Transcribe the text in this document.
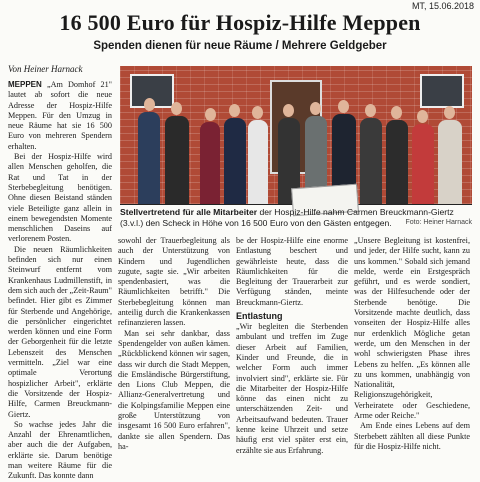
MT, 15.06.2018
16 500 Euro für Hospiz-Hilfe Meppen
Spenden dienen für neue Räume / Mehrere Geldgeber
Von Heiner Harnack
Stellvertretend für alle Mitarbeiter der Hospiz-Hilfe nahm Carmen Breuckmann-Giertz (3.v.l.) den Scheck in Höhe von 16 500 Euro von den Gästen entgegen.	Foto: Heiner Harnack

MEPPEN „Am Domhof 21" lautet ab sofort die neue Adresse der Hospiz-Hilfe Meppen. Für den Umzug in neue Räume hat sie 16 500 Euro von mehreren Spendern erhalten.

Bei der Hospiz-Hilfe wird allen Menschen geholfen, die Rat und Tat in der Sterbebegleitung benötigen. Ohne diesen Beistand ständen viele Beteiligte ganz allein in einem bewegendsten Momente menschlichen Daseins auf verlorenem Posten.

Die neuen Räumlichkeiten befinden sich nur einen Steinwurf entfernt vom Krankenhaus Ludmillenstift, in dem sich auch der „Zeit-Raum" befindet. Hier gibt es Zimmer für Sterbende und Angehörige, die persönlicher eingerichtet werden können und eine Form der Geborgenheit für die letzte Lebenszeit des Menschen vermitteln. „Ziel war eine optimale Verortung hospizlicher Arbeit", erklärte die Vorsitzende der Hospiz-Hilfe, Carmen Breuckmann-Giertz.

So wachse jedes Jahr die Anzahl der Ehrenamtlichen, aber auch die der Aufgaben, erklärte sie. Darum benötige man weitere Räume für die Zukunft. Das konnte dann

sowohl der Trauerbegleitung als auch der Unterstützung von Kindern und Jugendlichen zugute, sagte sie. „Wir arbeiten spendenbasiert, was die Räumlichkeiten betrifft." Die Sterbebegleitung können man anteilig durch die Krankenkassen refinanzieren lassen.

Man sei sehr dankbar, dass Spendengelder von außen kämen. „Rückblickend können wir sagen, dass wir durch die Stadt Meppen, die Emsländische Bürgerstiftung, den Lions Club Meppen, die Allianz-Generalvertretung und die Kolpingsfamilie Meppen eine große Unterstützung von insgesamt 16 500 Euro erfahren", dankte sie allen Spendern. Das ha-

be der Hospiz-Hilfe eine enorme Entlastung beschert und gewährleiste heute, dass die Räumlichkeiten für die Begleitung der Trauerarbeit zur Verfügung ständen, meinte Breuckmann-Giertz.

Entlastung

„Wir begleiten die Sterbenden ambulant und treffen im Zuge dieser Arbeit auf Familien, Kinder und Freunde, die in welcher Form auch immer involviert sind", erklärte sie. Für die Mitarbeiter der Hospiz-Hilfe könne das einen nicht zu unterschätzenden Zeit- und Arbeitsaufwand bedeuten. Trauer kenne keine Uhrzeit und setze häufig erst viel später erst ein, erzählte sie aus Erfahrung.

„Unsere Begleitung ist kostenfrei, und jeder, der Hilfe sucht, kann zu uns kommen." Sobald sich jemand melde, werde ein Erstgespräch geführt, und es werde sondiert, was der Hilfesuchende oder der Sterbende benötige. Die Vorsitzende machte deutlich, dass vonseiten der Hospiz-Hilfe alles nur erdenklich Mögliche getan werde, um den Menschen in der wohl schwierigsten Phase ihres Lebens zu helfen. „Es können alle zu uns kommen, unabhängig von Nationalität, Religionszugehörigkeit, Verheiratete oder Geschiedene, Arme oder Reiche."

Am Ende eines Lebens auf dem Sterbebett zählten all diese Punkte für die Hospiz-Hilfe nicht.
